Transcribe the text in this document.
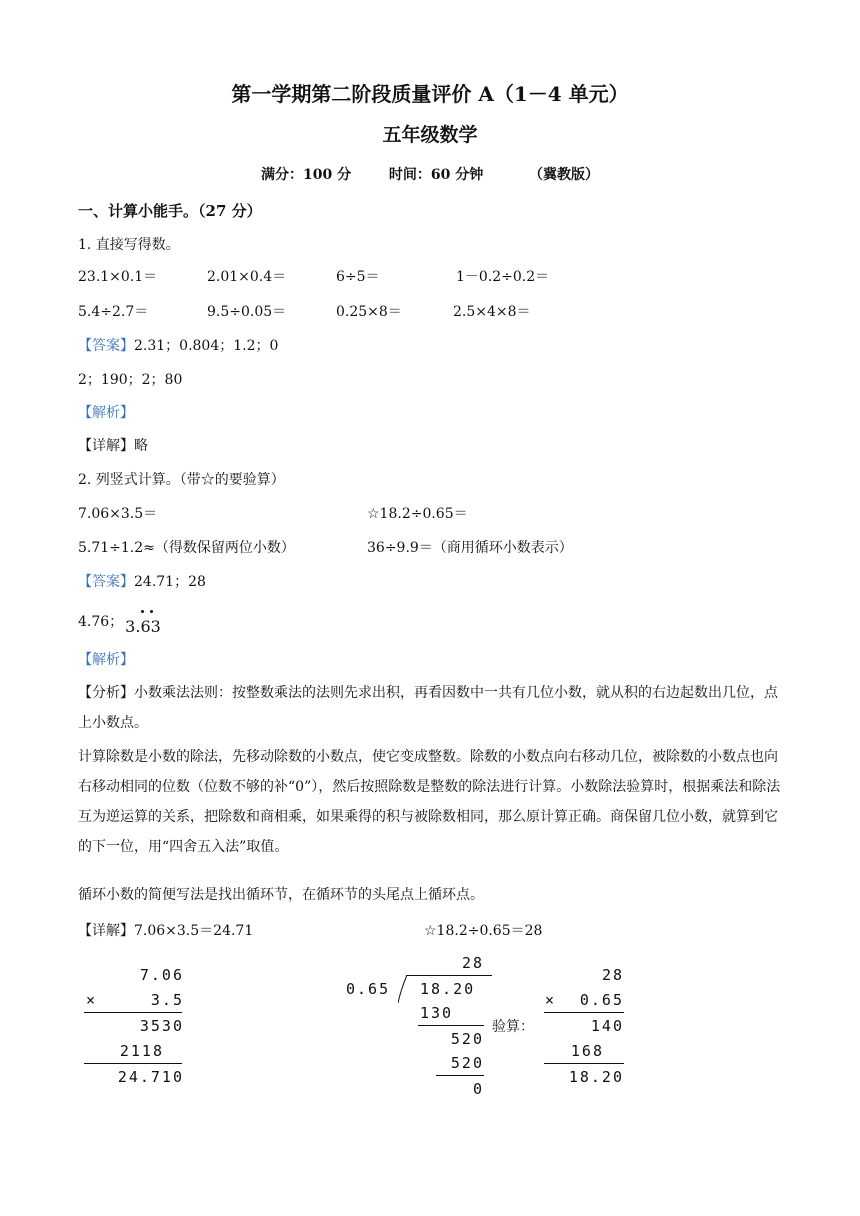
第一学期第二阶段质量评价 A（1－4 单元）
五年级数学
满分：100 分	时间：60 分钟	（冀教版）
一、计算小能手。（27 分）
1. 直接写得数。
23.1×0.1＝	2.01×0.4＝	6÷5＝	1－0.2÷0.2＝
5.4÷2.7＝	9.5÷0.05＝	0.25×8＝	2.5×4×8＝
【答案】2.31；0.804；1.2；0
2；190；2；80
【解析】
【详解】略
2. 列竖式计算。（带☆的要验算）
7.06×3.5＝	☆18.2÷0.65＝
5.71÷1.2≈（得数保留两位小数）	36÷9.9＝（商用循环小数表示）
【答案】24.71；28
4.76； 3.63
【解析】
【分析】小数乘法法则：按整数乘法的法则先求出积，再看因数中一共有几位小数，就从积的右边起数出几位，点上小数点。
计算除数是小数的除法，先移动除数的小数点，使它变成整数。除数的小数点向右移动几位，被除数的小数点也向右移动相同的位数（位数不够的补“0”），然后按照除数是整数的除法进行计算。小数除法验算时，根据乘法和除法互为逆运算的关系，把除数和商相乘，如果乘得的积与被除数相同，那么原计算正确。商保留几位小数，就算到它的下一位，用“四舍五入法”取值。
循环小数的简便写法是找出循环节，在循环节的头尾点上循环点。
【详解】7.06×3.5＝24.71	☆18.2÷0.65＝28
7.06
×	3.5
3530
2118
24.710
28
0.65 18.20
130
520
520
0
验算：
28
× 0.65
140
168
18.20
